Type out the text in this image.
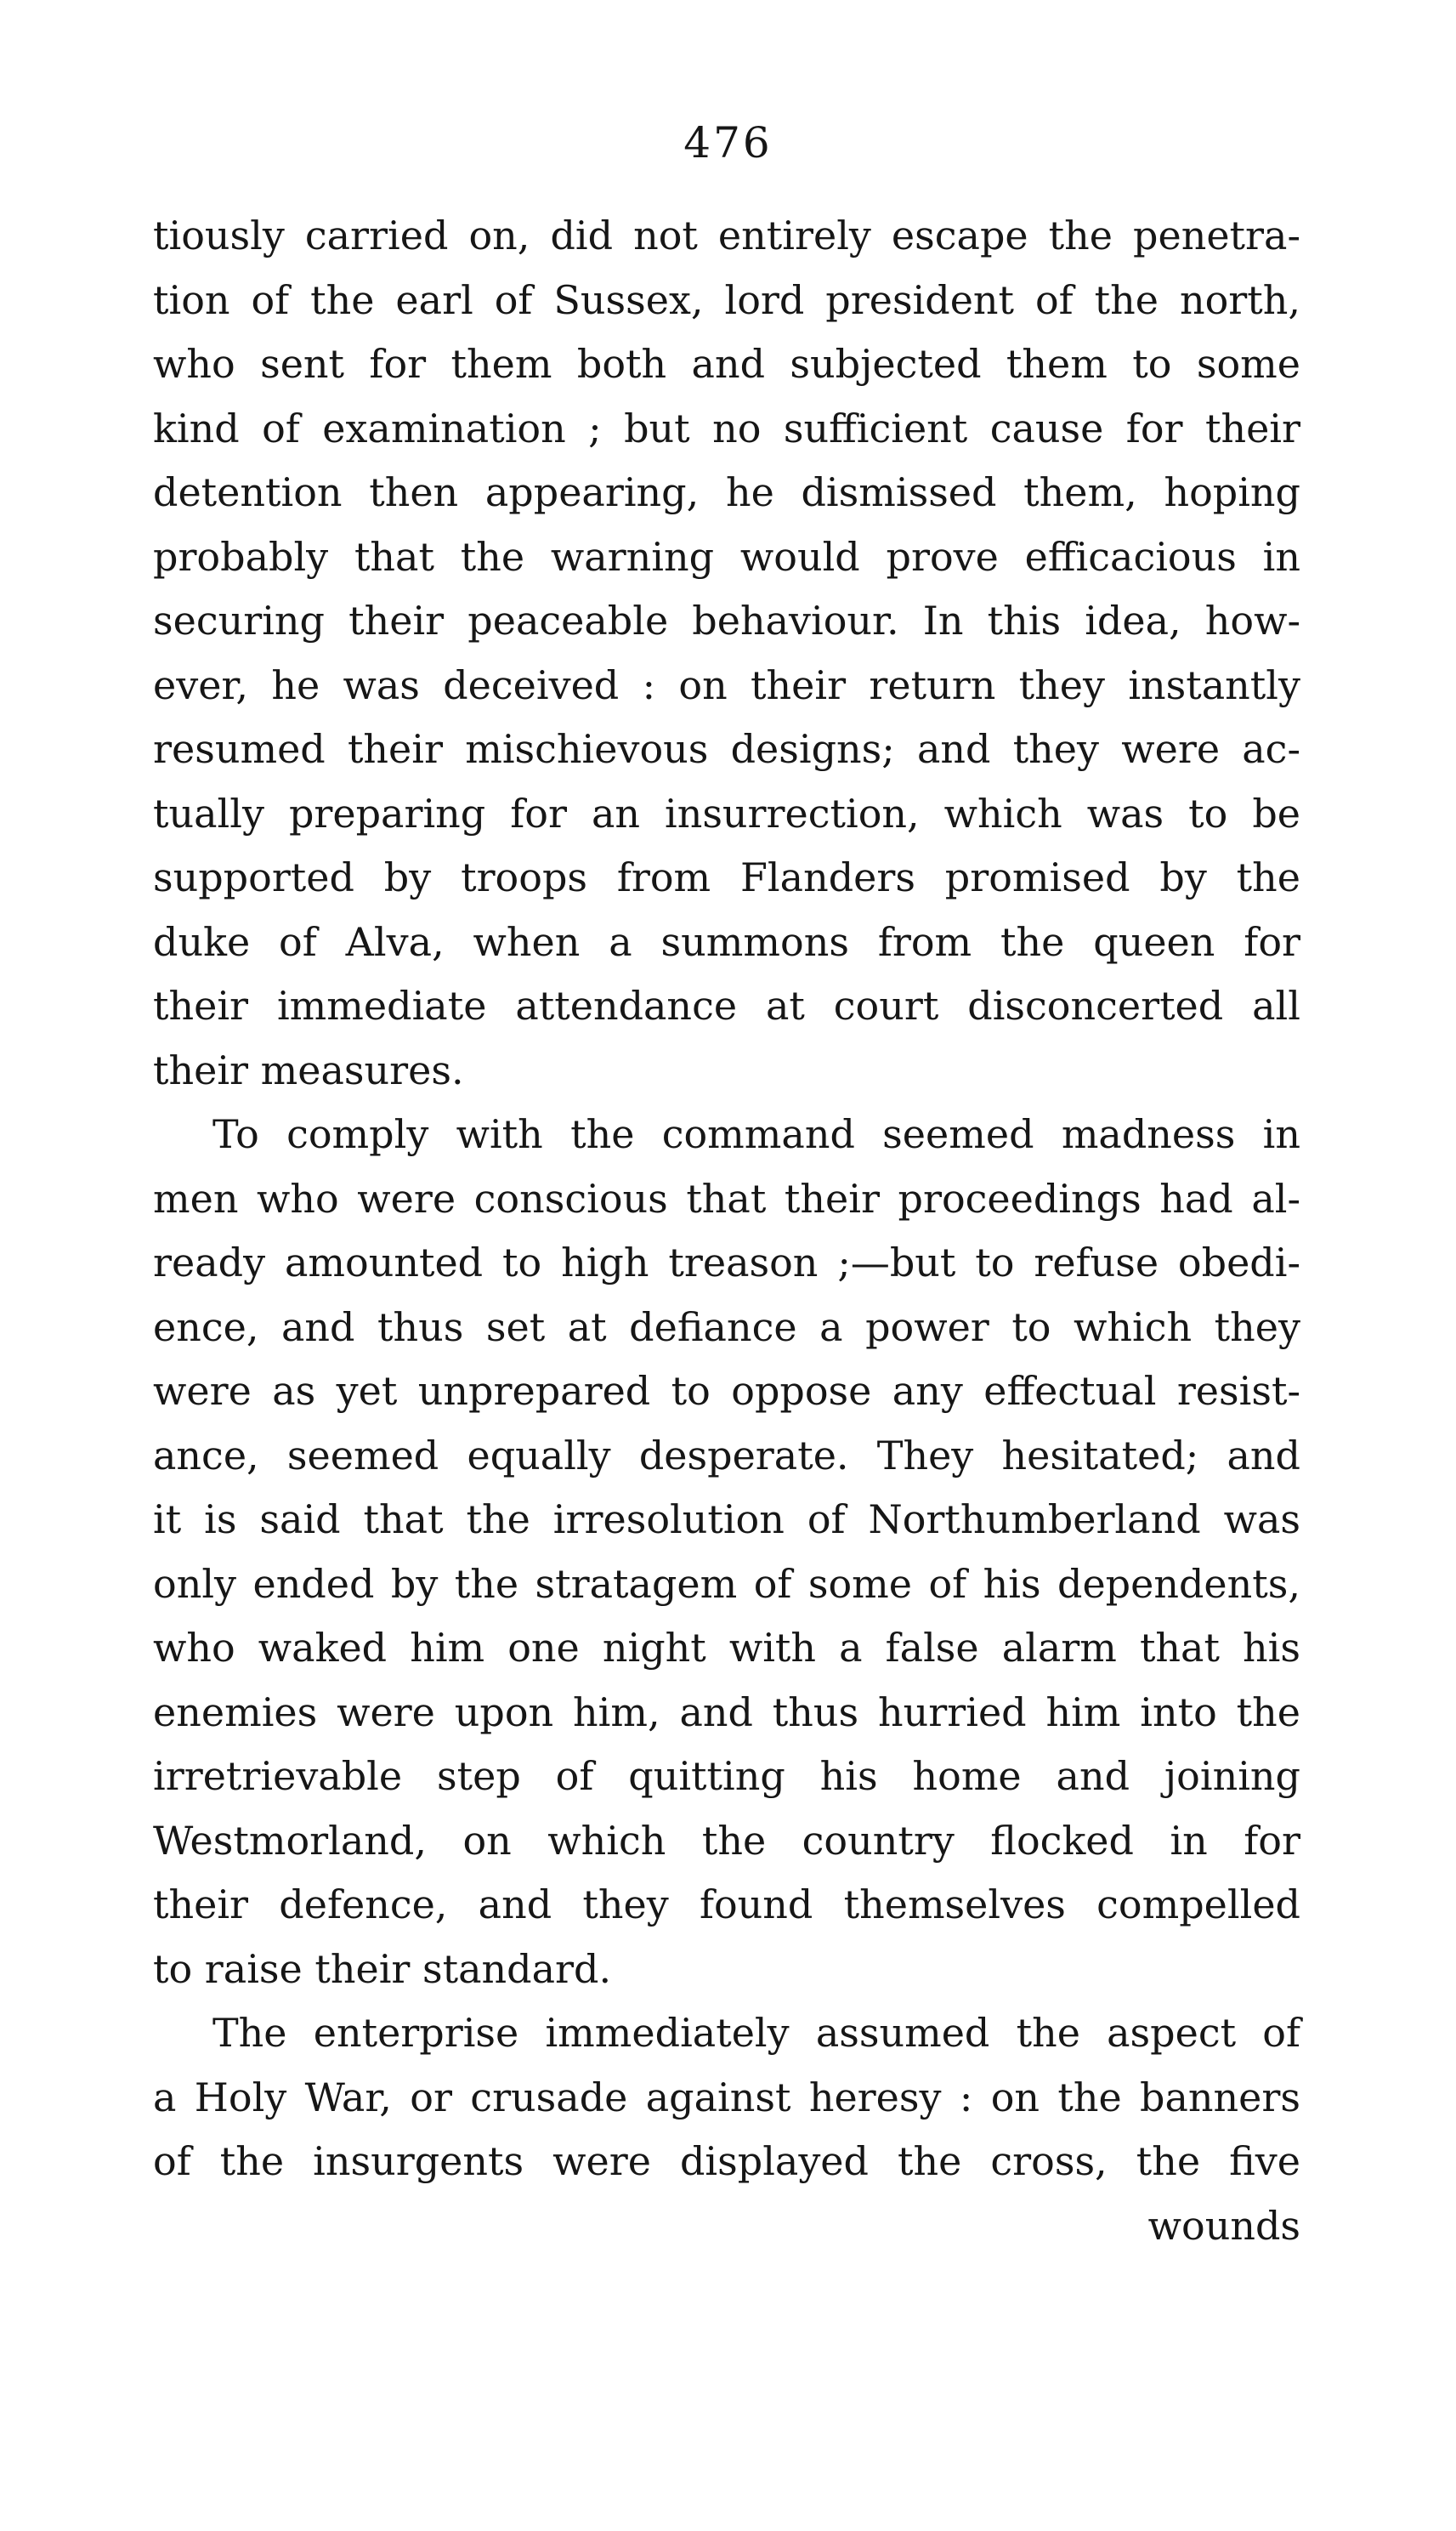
476
tiously carried on, did not entirely escape the penetra-
tion of the earl of Sussex, lord president of the north,
who sent for them both and subjected them to some
kind of examination ; but no sufficient cause for their
detention then appearing, he dismissed them, hoping
probably that the warning would prove efficacious in
securing their peaceable behaviour. In this idea, how-
ever, he was deceived : on their return they instantly
resumed their mischievous designs; and they were ac-
tually preparing for an insurrection, which was to be
supported by troops from Flanders promised by the
duke of Alva, when a summons from the queen for
their immediate attendance at court disconcerted all
their measures.
To comply with the command seemed madness in
men who were conscious that their proceedings had al-
ready amounted to high treason ;—but to refuse obedi-
ence, and thus set at defiance a power to which they
were as yet unprepared to oppose any effectual resist-
ance, seemed equally desperate. They hesitated; and
it is said that the irresolution of Northumberland was
only ended by the stratagem of some of his dependents,
who waked him one night with a false alarm that his
enemies were upon him, and thus hurried him into the
irretrievable step of quitting his home and joining
Westmorland, on which the country flocked in for
their defence, and they found themselves compelled
to raise their standard.
The enterprise immediately assumed the aspect of
a Holy War, or crusade against heresy : on the banners
of the insurgents were displayed the cross, the five
wounds
